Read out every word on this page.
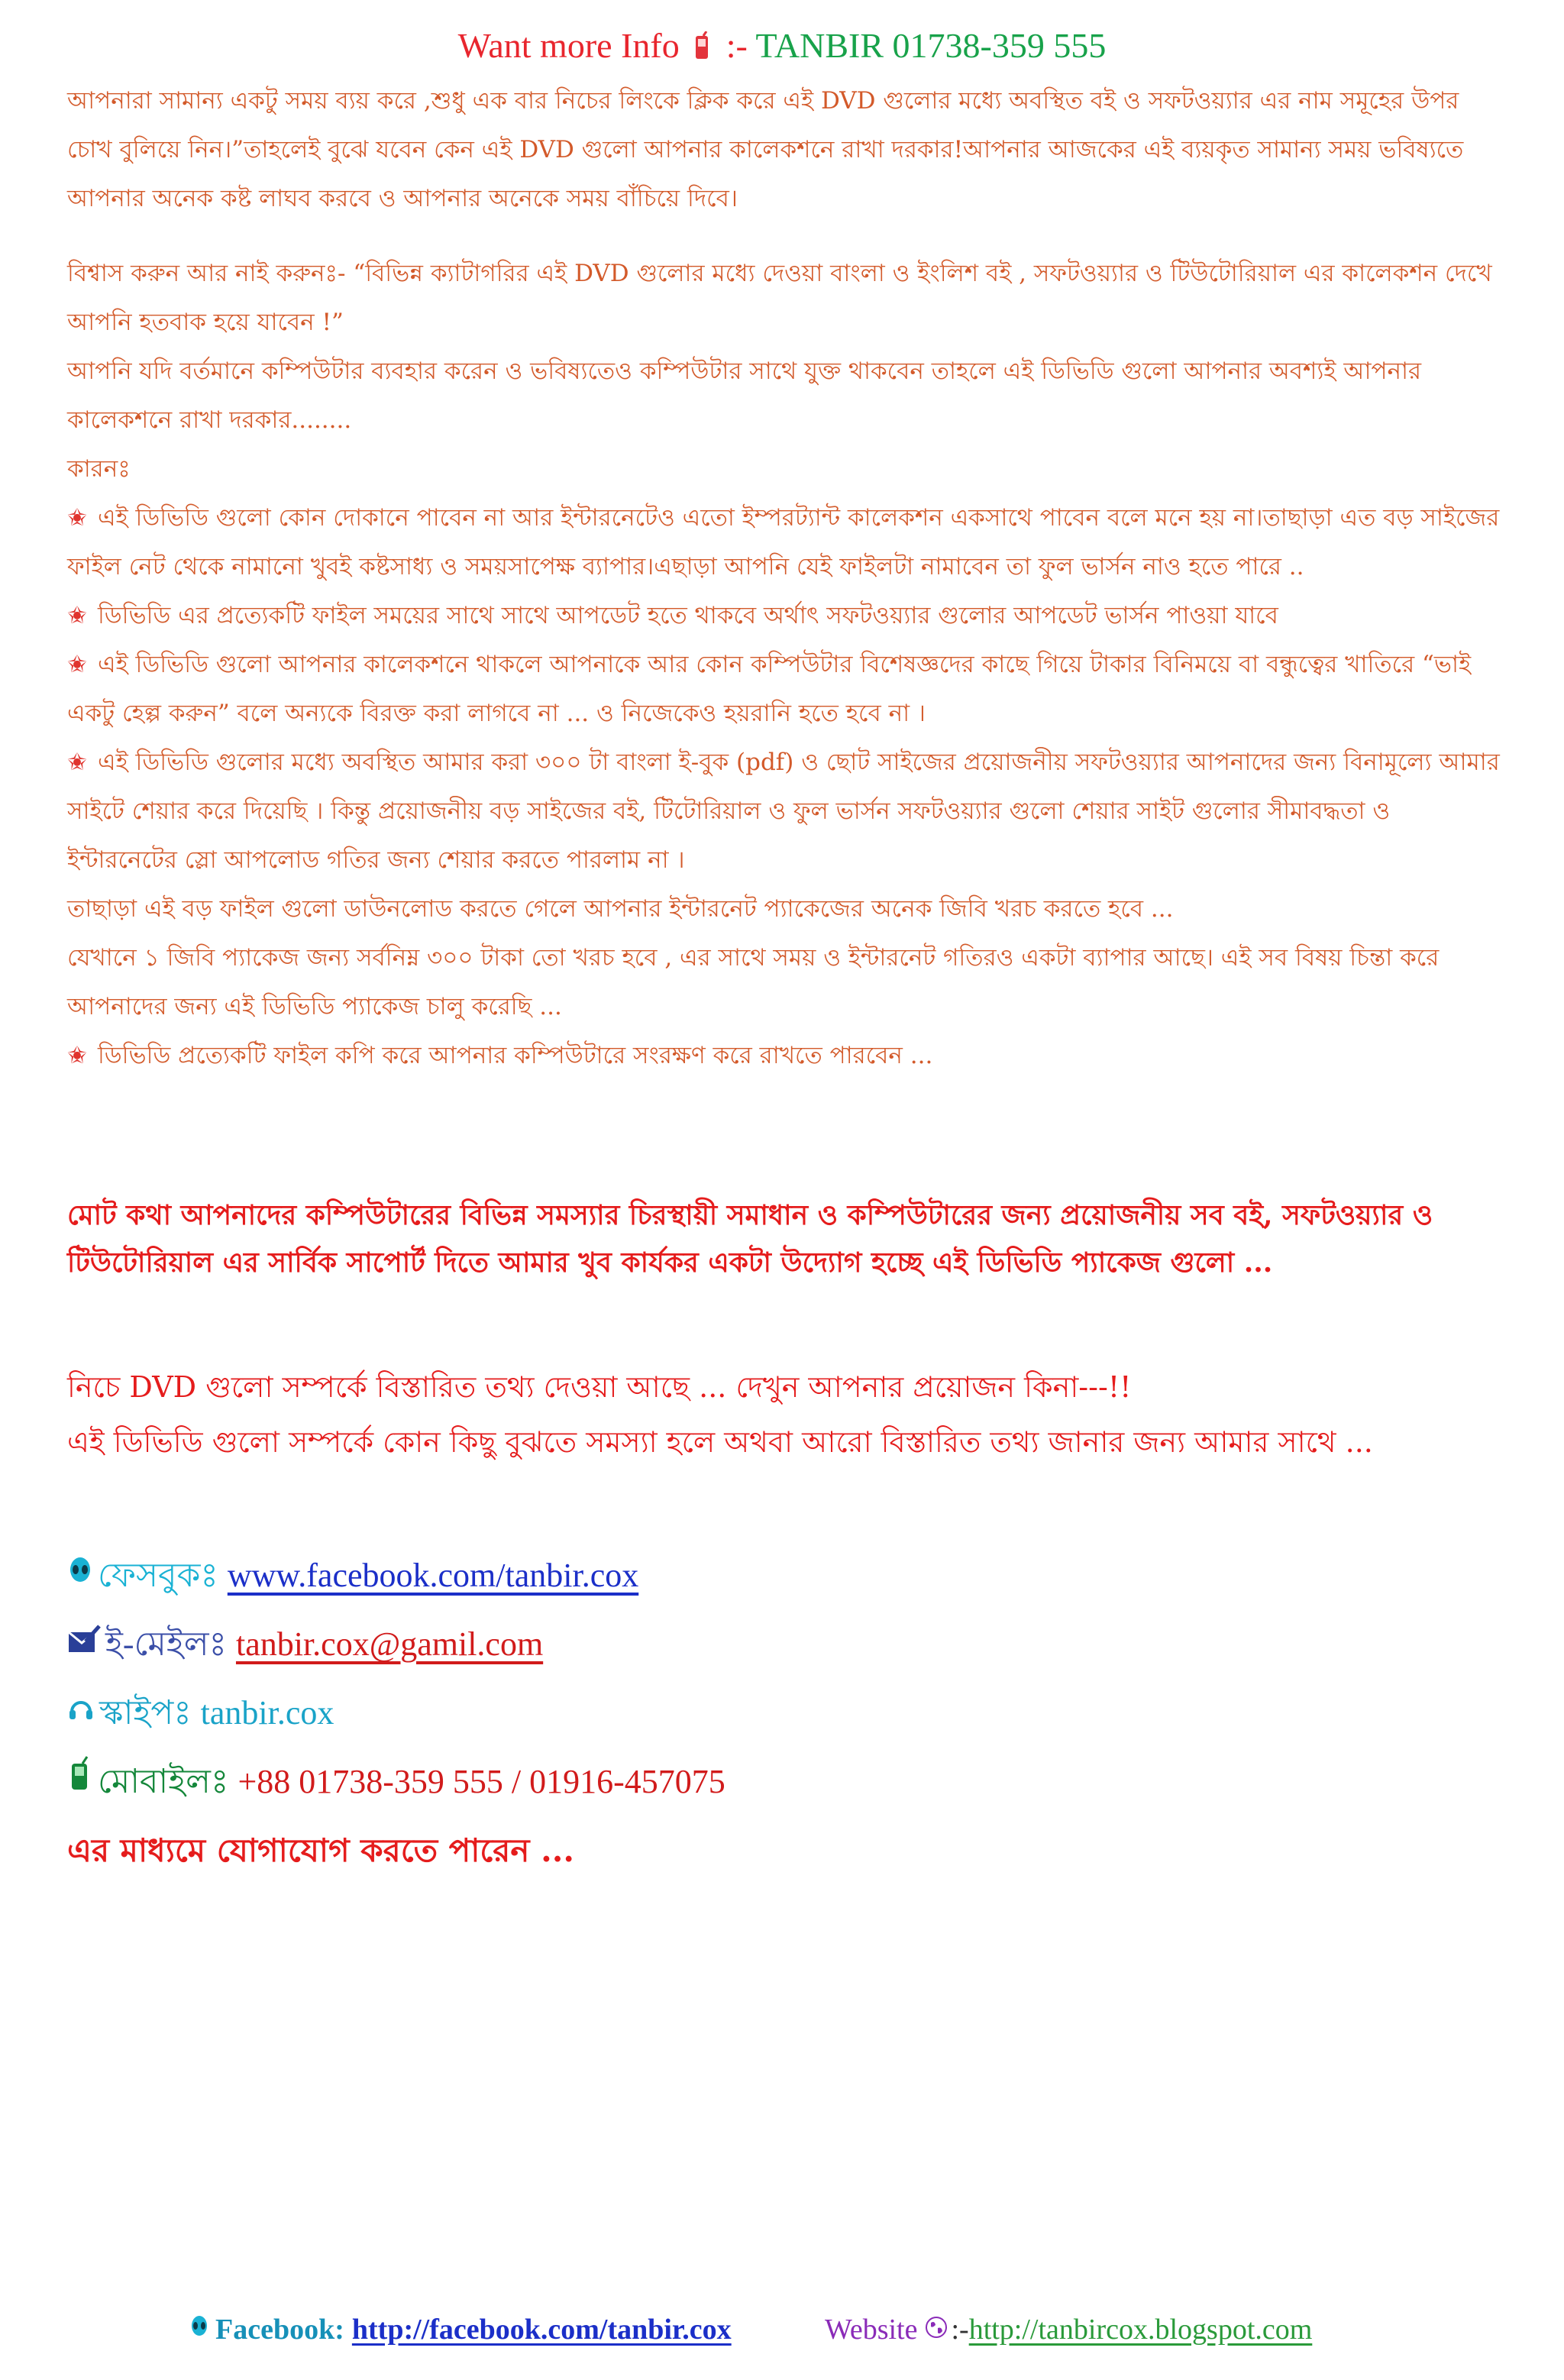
Want more Info :- TANBIR 01738-359 555

আপনারা সামান্য একটু সময় ব্যয় করে ,শুধু এক বার নিচের লিংকে ক্লিক করে এই DVD গুলোর মধ্যে অবস্থিত বই ও সফটওয়্যার এর নাম সমূহের উপর চোখ বুলিয়ে নিন।”তাহলেই বুঝে যবেন কেন এই DVD গুলো আপনার কালেকশনে রাখা দরকার!আপনার আজকের এই ব্যয়কৃত সামান্য সময় ভবিষ্যতে আপনার অনেক কষ্ট লাঘব করবে ও আপনার অনেকে সময় বাঁচিয়ে দিবে।

বিশ্বাস করুন আর নাই করুনঃ- “বিভিন্ন ক্যাটাগরির এই DVD গুলোর মধ্যে দেওয়া বাংলা ও ইংলিশ বই , সফটওয়্যার ও টিউটোরিয়াল এর কালেকশন দেখে আপনি হতবাক হয়ে যাবেন !”

আপনি যদি বর্তমানে কম্পিউটার ব্যবহার করেন ও ভবিষ্যতেও কম্পিউটার সাথে যুক্ত থাকবেন তাহলে এই ডিভিডি গুলো আপনার অবশ্যই আপনার কালেকশনে রাখা দরকার........

কারনঃ

✬ এই ডিভিডি গুলো কোন দোকানে পাবেন না আর ইন্টারনেটেও এতো ইম্পরট্যান্ট কালেকশন একসাথে পাবেন বলে মনে হয় না।তাছাড়া এত বড় সাইজের ফাইল নেট থেকে নামানো খুবই কষ্টসাধ্য ও সময়সাপেক্ষ ব্যাপার।এছাড়া আপনি যেই ফাইলটা নামাবেন তা ফুল ভার্সন নাও হতে পারে ..

✬ ডিভিডি এর প্রত্যেকটি ফাইল সময়ের সাথে সাথে আপডেট হতে থাকবে অর্থাৎ সফটওয়্যার গুলোর আপডেট ভার্সন পাওয়া যাবে

✬ এই ডিভিডি গুলো আপনার কালেকশনে থাকলে আপনাকে আর কোন কম্পিউটার বিশেষজ্ঞদের কাছে গিয়ে টাকার বিনিময়ে বা বন্ধুত্বের খাতিরে “ভাই একটু হেল্প করুন” বলে অন্যকে বিরক্ত করা লাগবে না ... ও নিজেকেও হয়রানি হতে হবে না ।

✬ এই ডিভিডি গুলোর মধ্যে অবস্থিত আমার করা ৩০০ টা বাংলা ই-বুক (pdf) ও ছোট সাইজের প্রয়োজনীয় সফটওয়্যার আপনাদের জন্য বিনামূল্যে আমার সাইটে শেয়ার করে দিয়েছি । কিন্তু প্রয়োজনীয় বড় সাইজের বই, টিটোরিয়াল ও ফুল ভার্সন সফটওয়্যার গুলো শেয়ার সাইট গুলোর সীমাবদ্ধতা ও ইন্টারনেটের স্লো আপলোড গতির জন্য শেয়ার করতে পারলাম না ।

তাছাড়া এই বড় ফাইল গুলো ডাউনলোড করতে গেলে আপনার ইন্টারনেট প্যাকেজের অনেক জিবি খরচ করতে হবে ...

যেখানে ১ জিবি প্যাকেজ জন্য সর্বনিম্ন ৩০০ টাকা তো খরচ হবে , এর সাথে সময় ও ইন্টারনেট গতিরও একটা ব্যাপার আছে। এই সব বিষয় চিন্তা করে আপনাদের জন্য এই ডিভিডি প্যাকেজ চালু করেছি ...

✬ ডিভিডি প্রত্যেকটি ফাইল কপি করে আপনার কম্পিউটারে সংরক্ষণ করে রাখতে পারবেন ...

মোট কথা আপনাদের কম্পিউটারের বিভিন্ন সমস্যার চিরস্থায়ী সমাধান ও কম্পিউটারের জন্য প্রয়োজনীয় সব বই, সফটওয়্যার ও টিউটোরিয়াল এর সার্বিক সাপোর্ট দিতে আমার খুব কার্যকর একটা উদ্যোগ হচ্ছে এই ডিভিডি প্যাকেজ গুলো ...
নিচে DVD গুলো সম্পর্কে বিস্তারিত তথ্য দেওয়া আছে ... দেখুন আপনার প্রয়োজন কিনা---!!
এই ডিভিডি গুলো সম্পর্কে কোন কিছু বুঝতে সমস্যা হলে অথবা আরো বিস্তারিত তথ্য জানার জন্য আমার সাথে ...
ফেসবুকঃ www.facebook.com/tanbir.cox
ই-মেইলঃ tanbir.cox@gamil.com
স্কাইপঃ tanbir.cox
মোবাইলঃ +88 01738-359 555 / 01916-457075
এর মাধ্যমে যোগাযোগ করতে পারেন ...
Facebook: http://facebook.com/tanbir.cox	Website :- http://tanbircox.blogspot.com
